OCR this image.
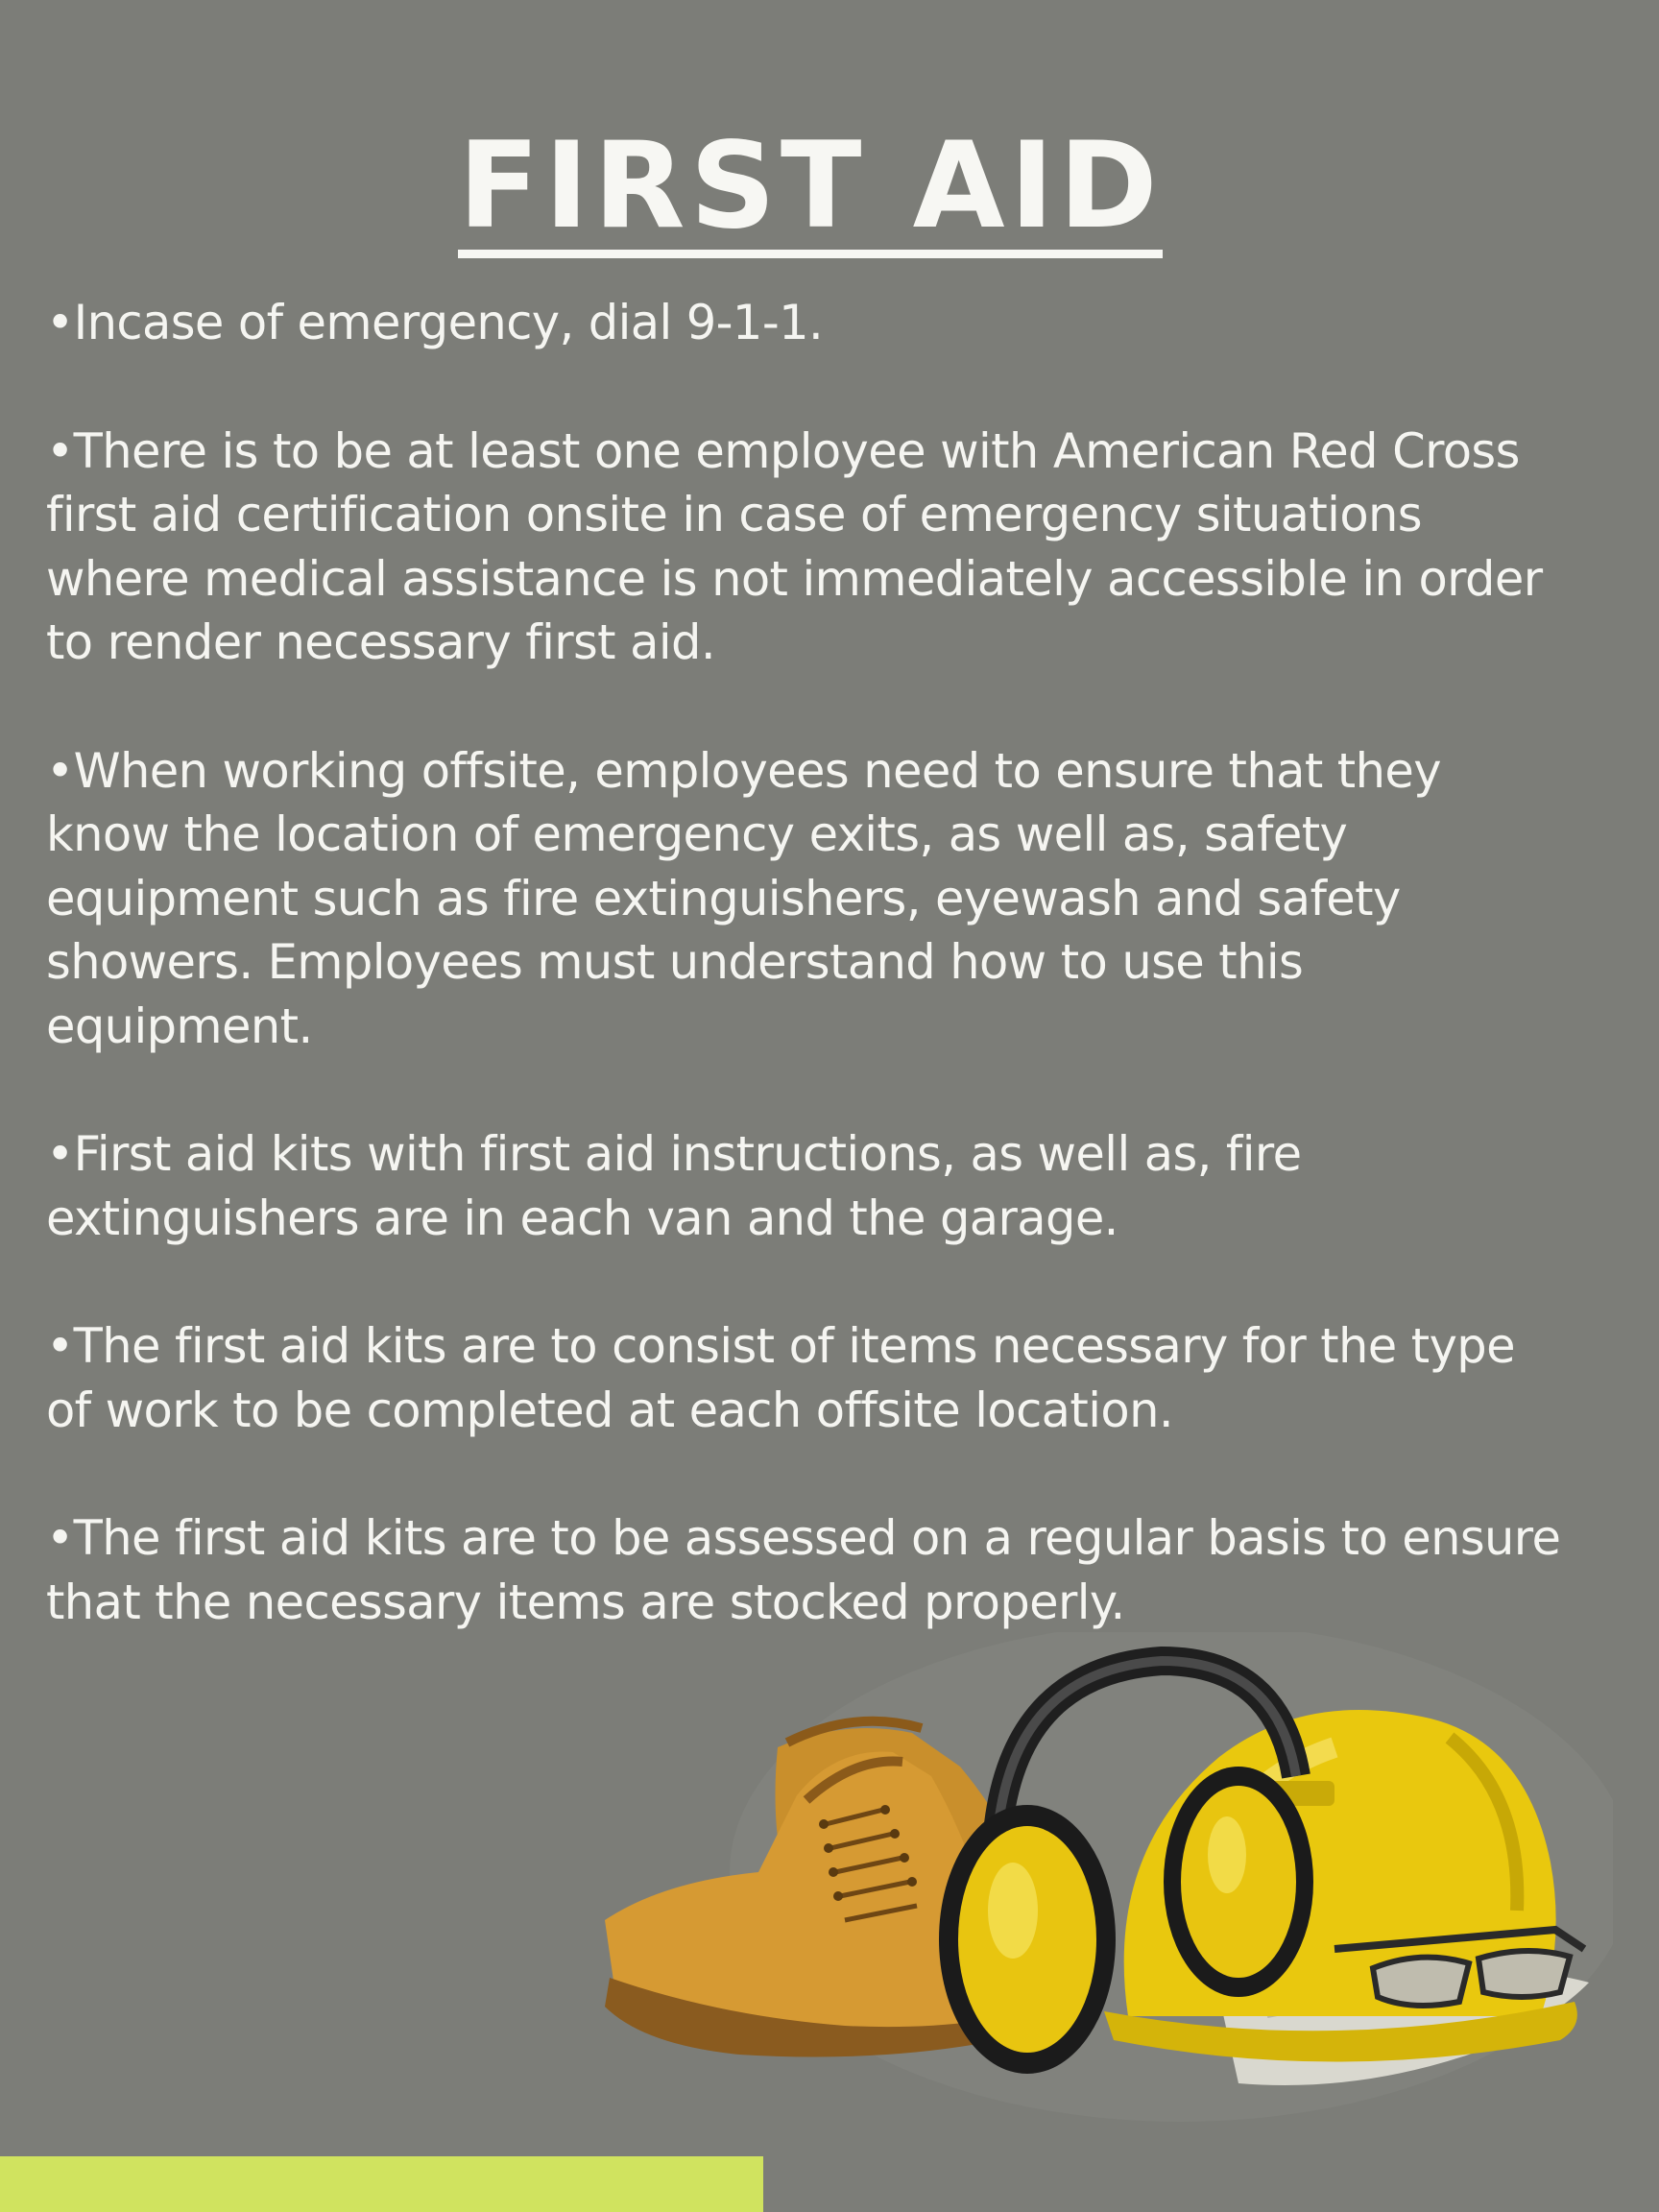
FIRST AID

•Incase of emergency, dial 9-1-1.

•There is to be at least one employee with American Red Cross first aid certification onsite in case of emergency situations where medical assistance is not immediately accessible in order to render necessary first aid.

•When working offsite, employees need to ensure that they know the location of emergency exits, as well as, safety equipment such as fire extinguishers, eyewash and safety showers. Employees must understand how to use this equipment.

•First aid kits with first aid instructions, as well as, fire extinguishers are in each van and the garage.

•The first aid kits are to consist of items necessary for the type of work to be completed at each offsite location.

•The first aid kits are to be assessed on a regular basis to ensure that the necessary items are stocked properly.
